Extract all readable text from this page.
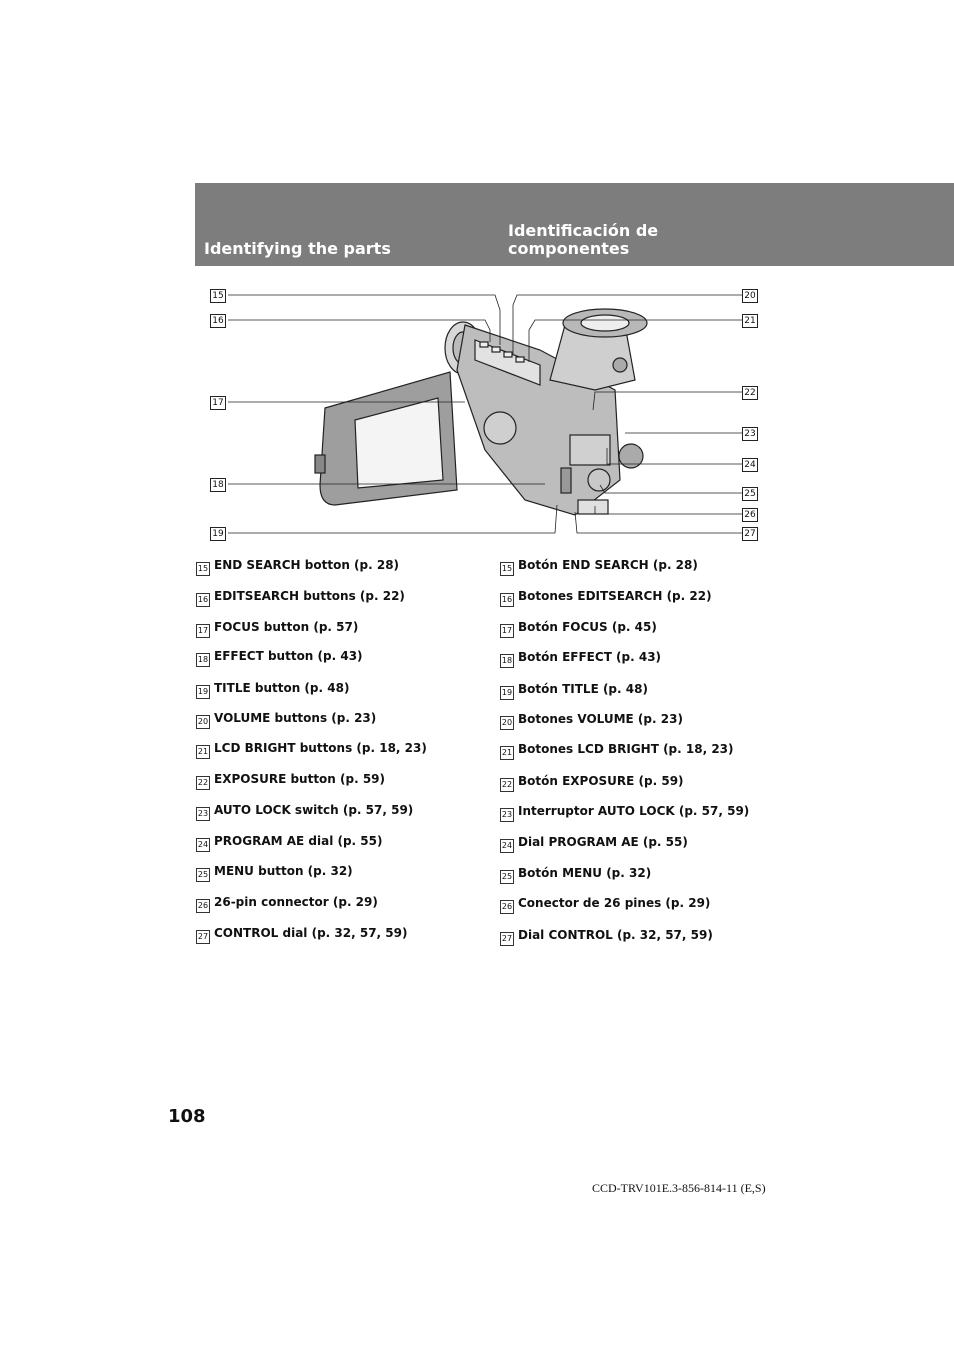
Identifying the parts
Identificación de componentes
15
16
17
18
19
20
21
22
23
24
25
26
27
15 END SEARCH botton (p. 28)
16 EDITSEARCH buttons (p. 22)
17 FOCUS button (p. 57)
18 EFFECT button (p. 43)
19 TITLE button (p. 48)
20 VOLUME buttons (p. 23)
21 LCD BRIGHT buttons (p. 18, 23)
22 EXPOSURE button (p. 59)
23 AUTO LOCK switch (p. 57, 59)
24 PROGRAM AE dial (p. 55)
25 MENU button (p. 32)
26 26-pin connector (p. 29)
27 CONTROL dial (p. 32, 57, 59)
15 Botón END SEARCH (p. 28)
16 Botones EDITSEARCH (p. 22)
17 Botón FOCUS (p. 45)
18 Botón EFFECT (p. 43)
19 Botón TITLE (p. 48)
20 Botones VOLUME (p. 23)
21 Botones LCD BRIGHT (p. 18, 23)
22 Botón EXPOSURE (p. 59)
23 Interruptor AUTO LOCK (p. 57, 59)
24 Dial PROGRAM AE (p. 55)
25 Botón MENU (p. 32)
26 Conector de 26 pines (p. 29)
27 Dial CONTROL (p. 32, 57, 59)
108
CCD-TRV101E.3-856-814-11 (E,S)
